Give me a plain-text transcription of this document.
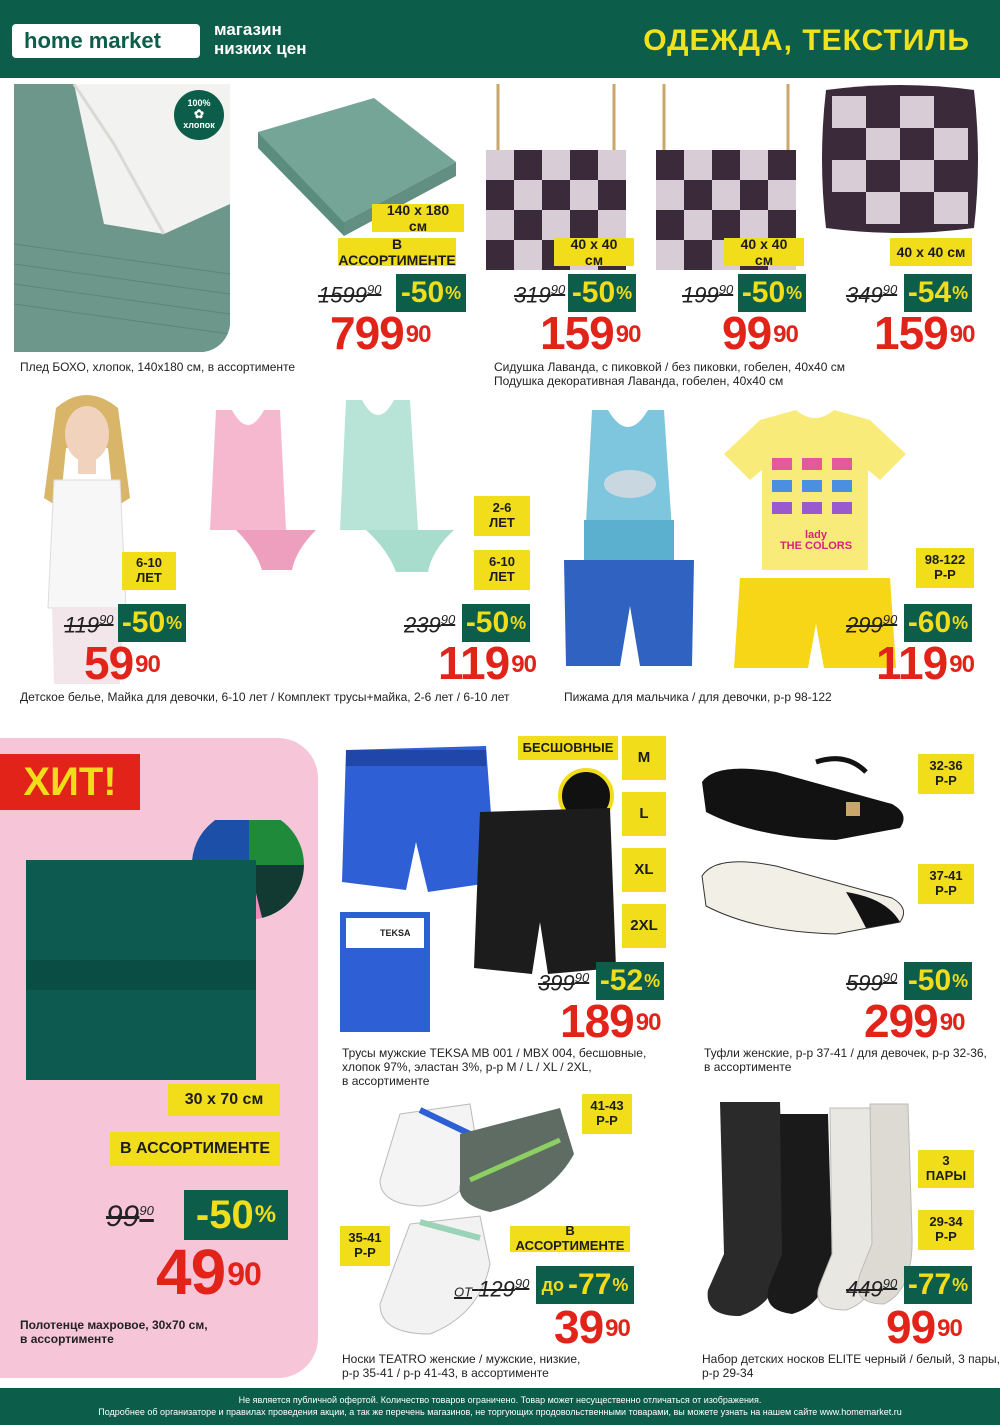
home market	магазин
низких цен	ОДЕЖДА, ТЕКСТИЛЬ
100%
✿
хлопок
140 x 180 см
В АССОРТИМЕНТЕ
1599$^{90}$ -50 %
$799^{90}$
Плед БОХО, хлопок, 140x180 см, в ассортименте
40 x 40 см
$319^{90}$ -50 %
$159^{90}$
40 x 40 см
$199^{90}$ -50 %
$99^{90}$
40 x 40 см
$349^{90}$ -54 %
$159^{90}$
Сидушка Лаванда, с пиковкой / без пиковки, гобелен, 40x40 см
Подушка декоративная Лаванда, гобелен, 40x40 см
6-10
ЛЕТ
$119^{90}$ -50 %
$59^{90}$
2-6
ЛЕТ
6-10
ЛЕТ
$239^{90}$ -50 %
$119^{90}$
Детское белье, Майка для девочки, 6-10 лет / Комплект трусы+майка, 2-6 лет / 6-10 лет
lady
THE COLORS
98-122
Р-Р
$299^{90}$ -60 %
$119^{90}$
Пижама для мальчика / для девочки, р-р 98-122
ХИТ!
30 x 70 см
В АССОРТИМЕНТЕ
$99^{90}$ -50 %
$49^{90}$
Полотенце махровое, 30x70 см,
в ассортименте
TEKSA
БЕСШОВНЫЕ
M
L
XL
2XL
$399^{90}$ -52 %
$189^{90}$
Трусы мужские TEKSA MB 001 / MBX 004, бесшовные,
хлопок 97%, эластан 3%, р-р M / L / XL / 2XL,
в ассортименте
32-36
Р-Р
37-41
Р-Р
$599^{90}$ -50 %
$299^{90}$
Туфли женские, р-р 37-41 / для девочек, р-р 32-36,
в ассортименте
41-43
Р-Р
35-41
Р-Р
В АССОРТИМЕНТЕ
ОТ $129^{90}$ до -77 %
$39^{90}$
Носки TEATRO женские / мужские, низкие,
р-р 35-41 / р-р 41-43, в ассортименте
3
ПАРЫ
29-34
Р-Р
$449^{90}$ -77 %
$99^{90}$
Набор детских носков ELITE черный / белый, 3 пары,
р-р 29-34
Не является публичной офертой. Количество товаров ограничено. Товар может несущественно отличаться от изображения.
Подробнее об организаторе и правилах проведения акции, а так же перечень магазинов, не торгующих продовольственными товарами, вы можете узнать на нашем сайте www.homemarket.ru
